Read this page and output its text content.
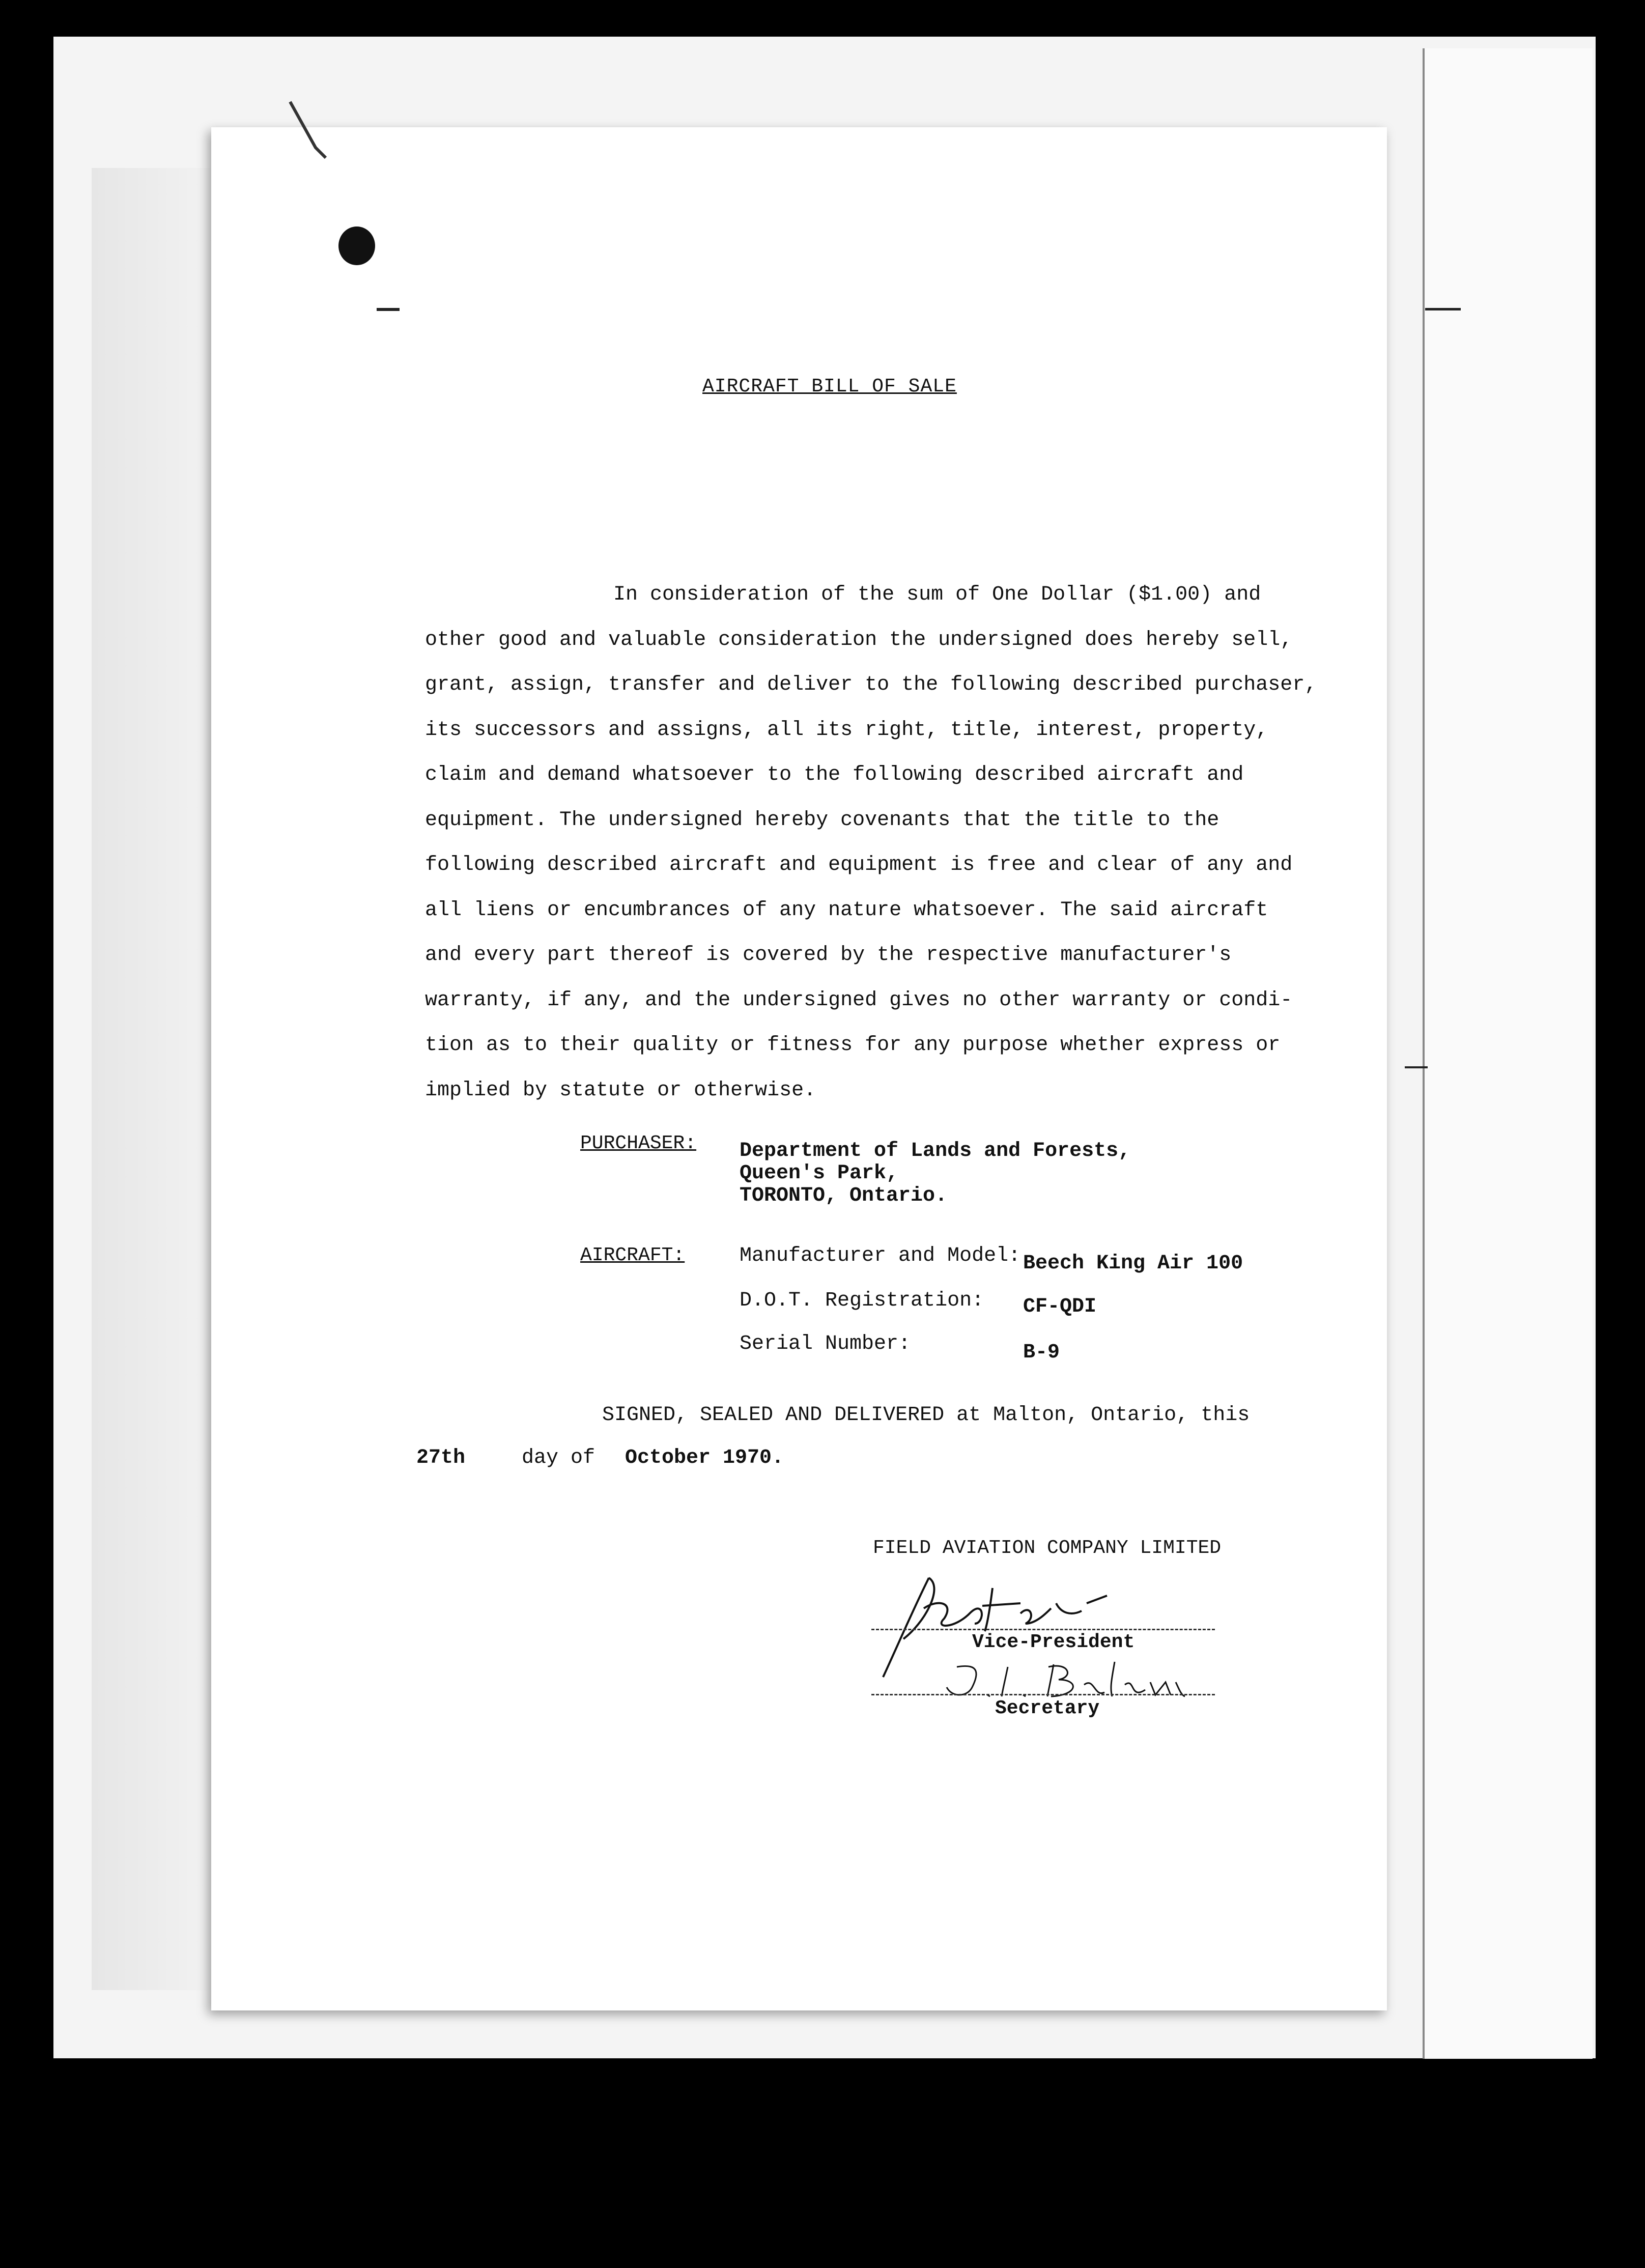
AIRCRAFT BILL OF SALE
In consideration of the sum of One Dollar ($1.00) and
other good and valuable consideration the undersigned does hereby sell,
grant, assign, transfer and deliver to the following described purchaser,
its successors and assigns, all its right, title, interest, property,
claim and demand whatsoever to the following described aircraft and
equipment. The undersigned hereby covenants that the title to the
following described aircraft and equipment is free and clear of any and
all liens or encumbrances of any nature whatsoever. The said aircraft
and every part thereof is covered by the respective manufacturer's
warranty, if any, and the undersigned gives no other warranty or condi-
tion as to their quality or fitness for any purpose whether express or
implied by statute or otherwise.
PURCHASER: Department of Lands and Forests,
Queen's Park,
TORONTO, Ontario.
AIRCRAFT:	Manufacturer and Model: Beech King Air 100
D.O.T. Registration: CF-QDI
Serial Number:	B-9
SIGNED, SEALED AND DELIVERED at Malton, Ontario, this
27th	day of October 1970.
FIELD AVIATION COMPANY LIMITED
Vice-President
Secretary
